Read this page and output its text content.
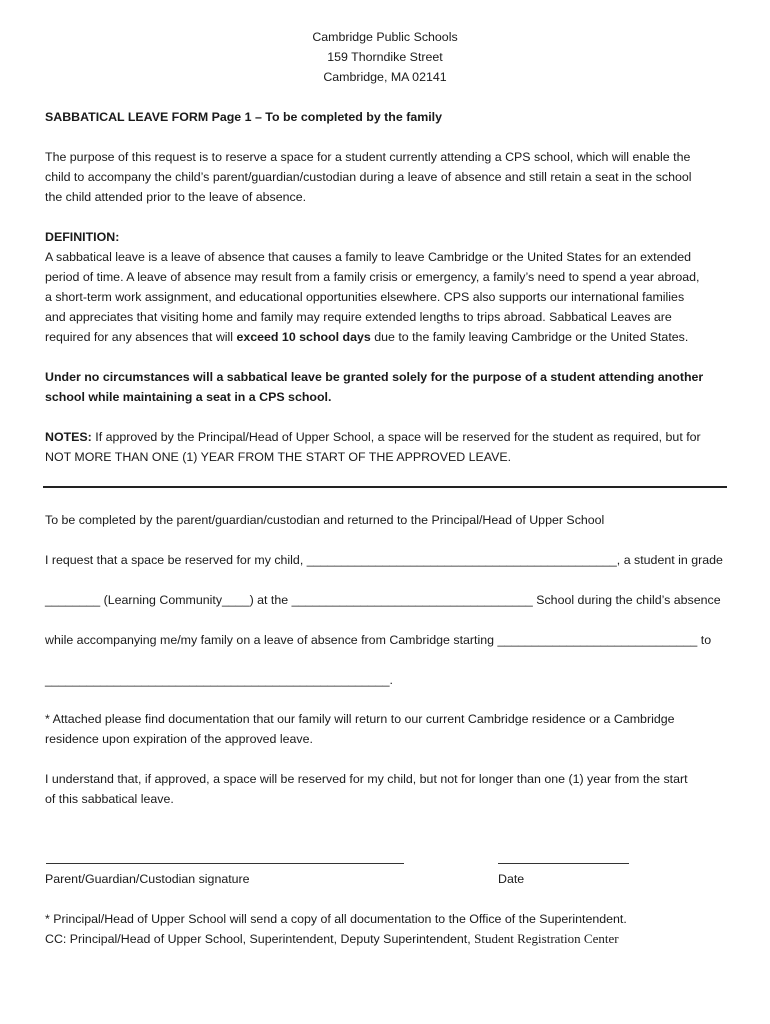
Cambridge Public Schools
159 Thorndike Street
Cambridge, MA 02141
SABBATICAL LEAVE FORM Page 1 – To be completed by the family
The purpose of this request is to reserve a space for a student currently attending a CPS school, which will enable the
child to accompany the child’s parent/guardian/custodian during a leave of absence and still retain a seat in the school
the child attended prior to the leave of absence.
DEFINITION:
A sabbatical leave is a leave of absence that causes a family to leave Cambridge or the United States for an extended
period of time. A leave of absence may result from a family crisis or emergency, a family’s need to spend a year abroad,
a short-term work assignment, and educational opportunities elsewhere. CPS also supports our international families
and appreciates that visiting home and family may require extended lengths to trips abroad. Sabbatical Leaves are
required for any absences that will exceed 10 school days due to the family leaving Cambridge or the United States.
Under no circumstances will a sabbatical leave be granted solely for the purpose of a student attending another
school while maintaining a seat in a CPS school.
NOTES: If approved by the Principal/Head of Upper School, a space will be reserved for the student as required, but for
NOT MORE THAN ONE (1) YEAR FROM THE START OF THE APPROVED LEAVE.
To be completed by the parent/guardian/custodian and returned to the Principal/Head of Upper School
I request that a space be reserved for my child, _____________________________________________, a student in grade
________ (Learning Community____) at the ___________________________________ School during the child’s absence
while accompanying me/my family on a leave of absence from Cambridge starting _____________________________ to
__________________________________________________.
* Attached please find documentation that our family will return to our current Cambridge residence or a Cambridge
residence upon expiration of the approved leave.
I understand that, if approved, a space will be reserved for my child, but not for longer than one (1) year from the start
of this sabbatical leave.
Parent/Guardian/Custodian signature	Date
* Principal/Head of Upper School will send a copy of all documentation to the Office of the Superintendent.
CC: Principal/Head of Upper School, Superintendent, Deputy Superintendent, Student Registration Center
